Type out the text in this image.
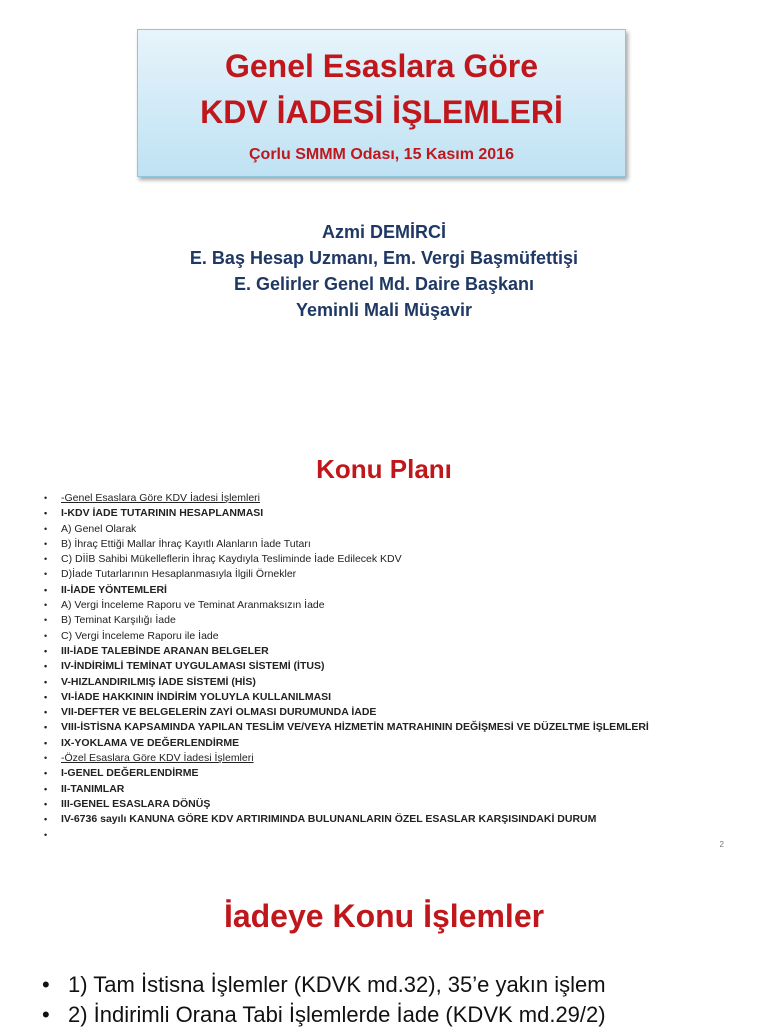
Genel Esaslara Göre
KDV İADESİ İŞLEMLERİ
Çorlu SMMM Odası, 15 Kasım 2016
Azmi DEMİRCİ
E. Baş Hesap Uzmanı, Em. Vergi Başmüfettişi
E. Gelirler Genel Md. Daire Başkanı
Yeminli Mali Müşavir
Konu Planı
• -Genel Esaslara Göre KDV İadesi İşlemleri
• I-KDV İADE TUTARININ HESAPLANMASI
• A) Genel Olarak
• B) İhraç Ettiği Mallar İhraç Kayıtlı Alanların İade Tutarı
• C) DİİB Sahibi Mükelleflerin İhraç Kaydıyla Tesliminde İade Edilecek KDV
• D)İade Tutarlarının Hesaplanmasıyla İlgili Örnekler
• II-İADE YÖNTEMLERİ
• A) Vergi İnceleme Raporu ve Teminat Aranmaksızın İade
• B) Teminat Karşılığı İade
• C) Vergi İnceleme Raporu ile İade
• III-İADE TALEBİNDE ARANAN BELGELER
• IV-İNDİRİMLİ TEMİNAT UYGULAMASI SİSTEMİ (İTUS)
• V-HIZLANDIRILMIŞ İADE SİSTEMİ (HİS)
• VI-İADE HAKKININ İNDİRİM YOLUYLA KULLANILMASI
• VII-DEFTER VE BELGELERİN ZAYİ OLMASI DURUMUNDA İADE
• VIII-İSTİSNA KAPSAMINDA YAPILAN TESLİM VE/VEYA HİZMETİN MATRAHININ DEĞİŞMESİ VE DÜZELTME İŞLEMLERİ
• IX-YOKLAMA VE DEĞERLENDİRME
• -Özel Esaslara Göre KDV İadesi İşlemleri
• I-GENEL DEĞERLENDİRME
• II-TANIMLAR
• III-GENEL ESASLARA DÖNÜŞ
• IV-6736 sayılı KANUNA GÖRE KDV ARTIRIMINDA BULUNANLARIN ÖZEL ESASLAR KARŞISINDAKİ DURUM
•
2
İadeye Konu İşlemler
• 1) Tam İstisna İşlemler (KDVK md.32), 35’e yakın işlem
• 2) İndirimli Orana Tabi İşlemlerde İade (KDVK md.29/2)
